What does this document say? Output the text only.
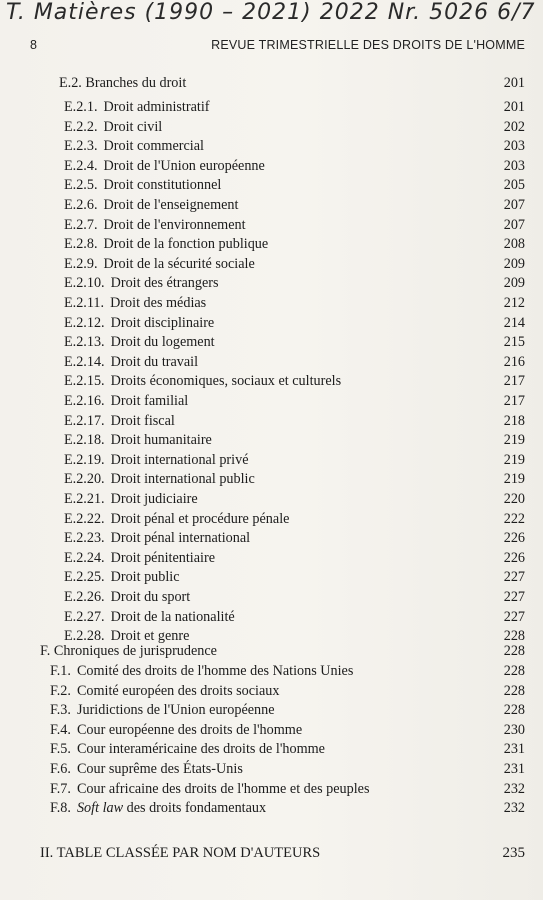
T. Matières (1990 – 2021) 2022 Nr. 5026 6/7
8	REVUE TRIMESTRIELLE DES DROITS DE L'HOMME
E.2. Branches du droit	201
E.2.1. Droit administratif	201
E.2.2. Droit civil	202
E.2.3. Droit commercial	203
E.2.4. Droit de l'Union européenne	203
E.2.5. Droit constitutionnel	205
E.2.6. Droit de l'enseignement	207
E.2.7. Droit de l'environnement	207
E.2.8. Droit de la fonction publique	208
E.2.9. Droit de la sécurité sociale	209
E.2.10. Droit des étrangers	209
E.2.11. Droit des médias	212
E.2.12. Droit disciplinaire	214
E.2.13. Droit du logement	215
E.2.14. Droit du travail	216
E.2.15. Droits économiques, sociaux et culturels	217
E.2.16. Droit familial	217
E.2.17. Droit fiscal	218
E.2.18. Droit humanitaire	219
E.2.19. Droit international privé	219
E.2.20. Droit international public	219
E.2.21. Droit judiciaire	220
E.2.22. Droit pénal et procédure pénale	222
E.2.23. Droit pénal international	226
E.2.24. Droit pénitentiaire	226
E.2.25. Droit public	227
E.2.26. Droit du sport	227
E.2.27. Droit de la nationalité	227
E.2.28. Droit et genre	228
F. Chroniques de jurisprudence	228
F.1. Comité des droits de l'homme des Nations Unies	228
F.2. Comité européen des droits sociaux	228
F.3. Juridictions de l'Union européenne	228
F.4. Cour européenne des droits de l'homme	230
F.5. Cour interaméricaine des droits de l'homme	231
F.6. Cour suprême des États-Unis	231
F.7. Cour africaine des droits de l'homme et des peuples	232
F.8. Soft law des droits fondamentaux	232
II. TABLE CLASSÉE PAR NOM D'AUTEURS	235
